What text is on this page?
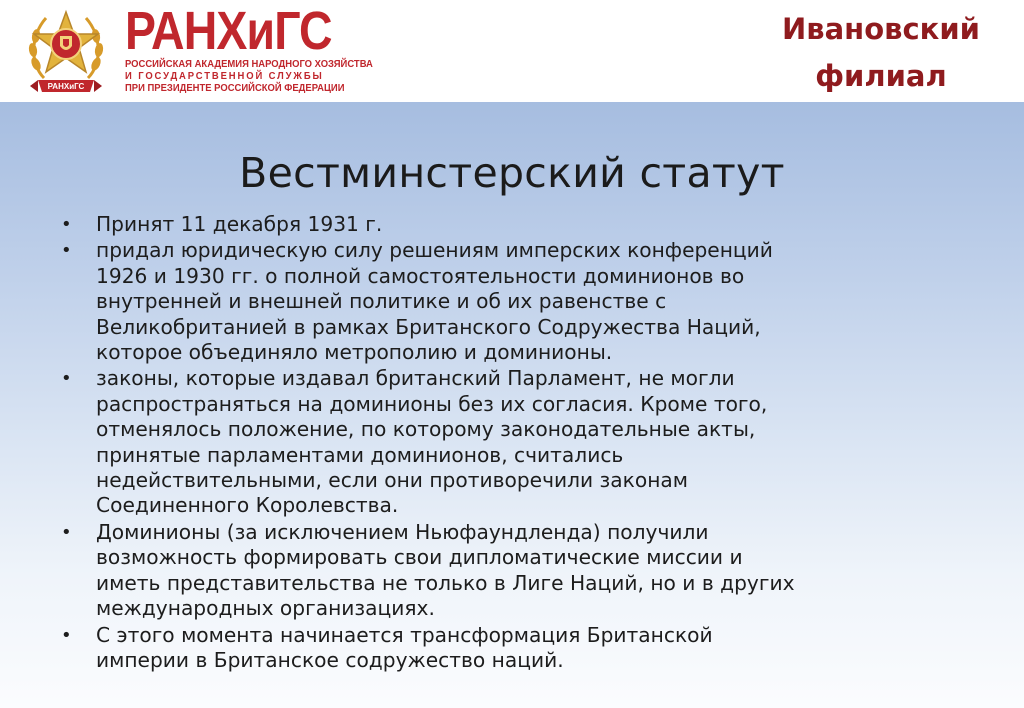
РАНХиГС
РАНХиГС
РОССИЙСКАЯ АКАДЕМИЯ НАРОДНОГО ХОЗЯЙСТВА
И ГОСУДАРСТВЕННОЙ СЛУЖБЫ
ПРИ ПРЕЗИДЕНТЕ РОССИЙСКОЙ ФЕДЕРАЦИИ
Ивановский
филиал
Вестминстерский статут
• Принят 11 декабря 1931 г.
• придал юридическую силу решениям имперских конференций
1926 и 1930 гг. о полной самостоятельности доминионов во
внутренней и внешней политике и об их равенстве с
Великобританией в рамках Британского Содружества Наций,
которое объединяло метрополию и доминионы.
• законы, которые издавал британский Парламент, не могли
распространяться на доминионы без их согласия. Кроме того,
отменялось положение, по которому законодательные акты,
принятые парламентами доминионов, считались
недействительными, если они противоречили законам
Соединенного Королевства.
• Доминионы (за исключением Ньюфаундленда) получили
возможность формировать свои дипломатические миссии и
иметь представительства не только в Лиге Наций, но и в других
международных организациях.
• С этого момента начинается трансформация Британской
империи в Британское содружество наций.
